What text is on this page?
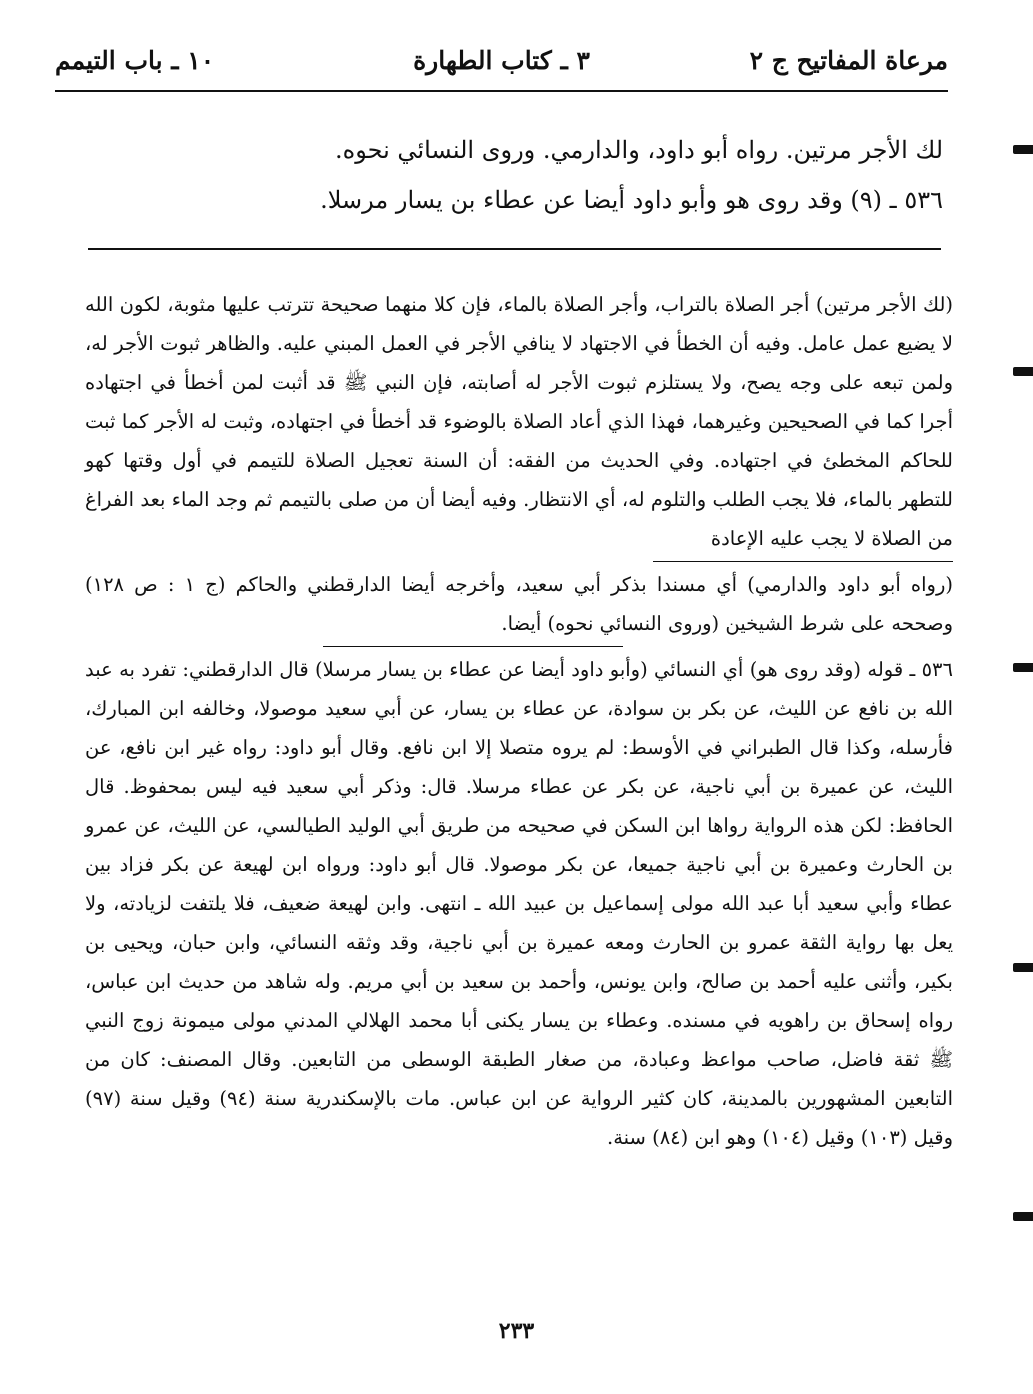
مرعاة المفاتيح ج ٢
٣ ـ كتاب الطهارة
١٠ ـ باب التيمم

لك الأجر مرتين. رواه أبو داود، والدارمي. وروى النسائي نحوه.

٥٣٦ ـ (٩) وقد روى هو وأبو داود أيضا عن عطاء بن يسار مرسلا.

(لك الأجر مرتين) أجر الصلاة بالتراب، وأجر الصلاة بالماء، فإن كلا منهما صحيحة تترتب عليها مثوبة، لكون الله لا يضيع عمل عامل. وفيه أن الخطأ في الاجتهاد لا ينافي الأجر في العمل المبني عليه. والظاهر ثبوت الأجر له، ولمن تبعه على وجه يصح، ولا يستلزم ثبوت الأجر له أصابته، فإن النبي ﷺ قد أثبت لمن أخطأ في اجتهاده أجرا كما في الصحيحين وغيرهما، فهذا الذي أعاد الصلاة بالوضوء قد أخطأ في اجتهاده، وثبت له الأجر كما ثبت للحاكم المخطئ في اجتهاده. وفي الحديث من الفقه: أن السنة تعجيل الصلاة للتيمم في أول وقتها كهو للتطهر بالماء، فلا يجب الطلب والتلوم له، أي الانتظار. وفيه أيضا أن من صلى بالتيمم ثم وجد الماء بعد الفراغ من الصلاة لا يجب عليه الإعادة

(رواه أبو داود والدارمي) أي مسندا بذكر أبي سعيد، وأخرجه أيضا الدارقطني والحاكم (ج ١ : ص ١٢٨) وصححه على شرط الشيخين (وروى النسائي نحوه) أيضا.

٥٣٦ ـ قوله (وقد روى هو) أي النسائي (وأبو داود أيضا عن عطاء بن يسار مرسلا) قال الدارقطني: تفرد به عبد الله بن نافع عن الليث، عن بكر بن سوادة، عن عطاء بن يسار، عن أبي سعيد موصولا، وخالفه ابن المبارك، فأرسله، وكذا قال الطبراني في الأوسط: لم يروه متصلا إلا ابن نافع. وقال أبو داود: رواه غير ابن نافع، عن الليث، عن عميرة بن أبي ناجية، عن بكر عن عطاء مرسلا. قال: وذكر أبي سعيد فيه ليس بمحفوظ. قال الحافظ: لكن هذه الرواية رواها ابن السكن في صحيحه من طريق أبي الوليد الطيالسي، عن الليث، عن عمرو بن الحارث وعميرة بن أبي ناجية جميعا، عن بكر موصولا. قال أبو داود: ورواه ابن لهيعة عن بكر فزاد بين عطاء وأبي سعيد أبا عبد الله مولى إسماعيل بن عبيد الله ـ انتهى. وابن لهيعة ضعيف، فلا يلتفت لزيادته، ولا يعل بها رواية الثقة عمرو بن الحارث ومعه عميرة بن أبي ناجية، وقد وثقه النسائي، وابن حبان، ويحيى بن بكير، وأثنى عليه أحمد بن صالح، وابن يونس، وأحمد بن سعيد بن أبي مريم. وله شاهد من حديث ابن عباس، رواه إسحاق بن راهويه في مسنده. وعطاء بن يسار يكنى أبا محمد الهلالي المدني مولى ميمونة زوج النبي ﷺ ثقة فاضل، صاحب مواعظ وعبادة، من صغار الطبقة الوسطى من التابعين. وقال المصنف: كان من التابعين المشهورين بالمدينة، كان كثير الرواية عن ابن عباس. مات بالإسكندرية سنة (٩٤) وقيل سنة (٩٧) وقيل (١٠٣) وقيل (١٠٤) وهو ابن (٨٤) سنة.

٢٣٣
